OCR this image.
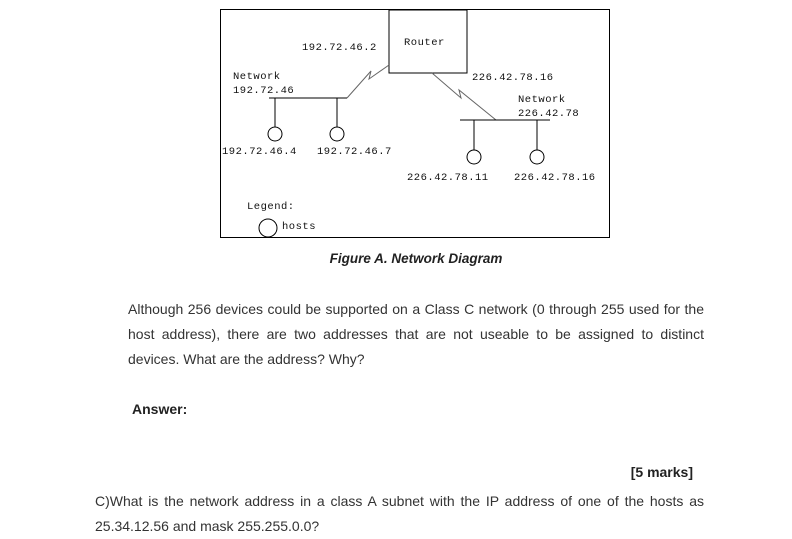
Router
192.72.46.2
226.42.78.16
Network
192.72.46
Network
226.42.78
192.72.46.4 192.72.46.7
226.42.78.11 226.42.78.16
Legend:
hosts
Figure A. Network Diagram
Although 256 devices could be supported on a Class C network (0 through 255 used for the host address), there are two addresses that are not useable to be assigned to distinct devices. What are the address? Why?
Answer:
[5 marks]
C)What is the network address in a class A subnet with the IP address of one of the hosts as 25.34.12.56 and mask 255.255.0.0?
